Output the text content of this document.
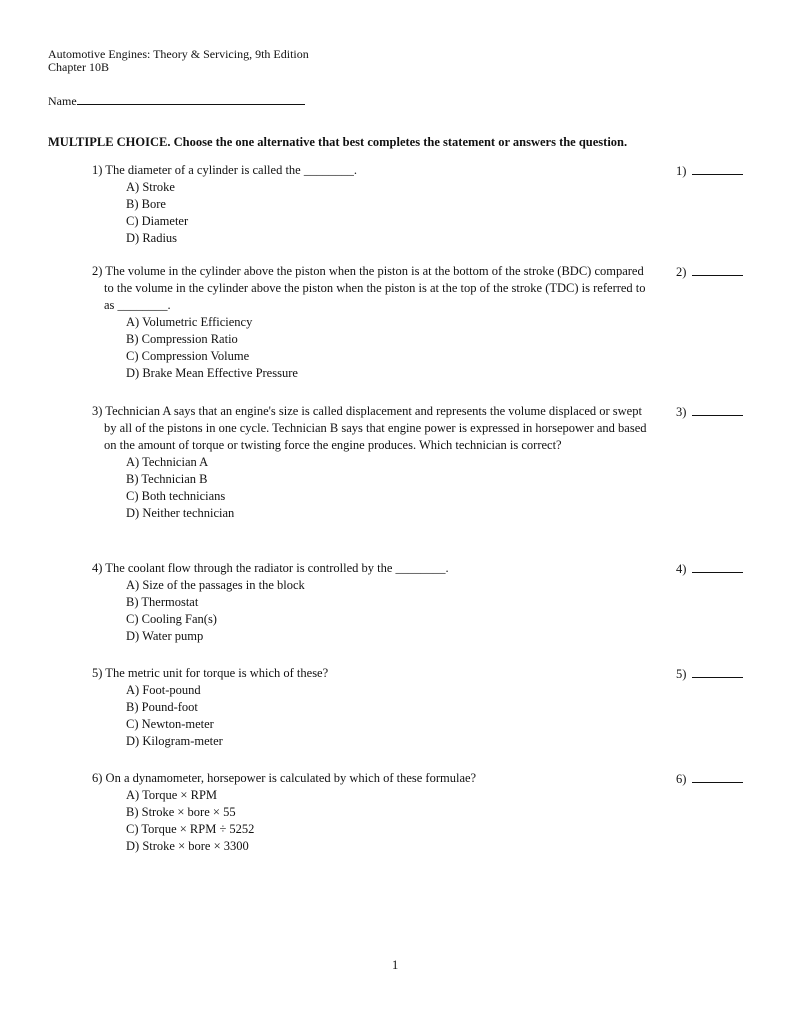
Automotive Engines: Theory & Servicing, 9th Edition
Chapter 10B
Name
MULTIPLE CHOICE. Choose the one alternative that best completes the statement or answers the question.
1) The diameter of a cylinder is called the ________.
A) Stroke
B) Bore
C) Diameter
D) Radius
1)
2) The volume in the cylinder above the piston when the piston is at the bottom of the stroke (BDC) compared to the volume in the cylinder above the piston when the piston is at the top of the stroke (TDC) is referred to as ________.
A) Volumetric Efficiency
B) Compression Ratio
C) Compression Volume
D) Brake Mean Effective Pressure
2)
3) Technician A says that an engine's size is called displacement and represents the volume displaced or swept by all of the pistons in one cycle. Technician B says that engine power is expressed in horsepower and based on the amount of torque or twisting force the engine produces. Which technician is correct?
A) Technician A
B) Technician B
C) Both technicians
D) Neither technician
3)
4) The coolant flow through the radiator is controlled by the ________.
A) Size of the passages in the block
B) Thermostat
C) Cooling Fan(s)
D) Water pump
4)
5) The metric unit for torque is which of these?
A) Foot-pound
B) Pound-foot
C) Newton-meter
D) Kilogram-meter
5)
6) On a dynamometer, horsepower is calculated by which of these formulae?
A) Torque × RPM
B) Stroke × bore × 55
C) Torque × RPM ÷ 5252
D) Stroke × bore × 3300
6)
1
